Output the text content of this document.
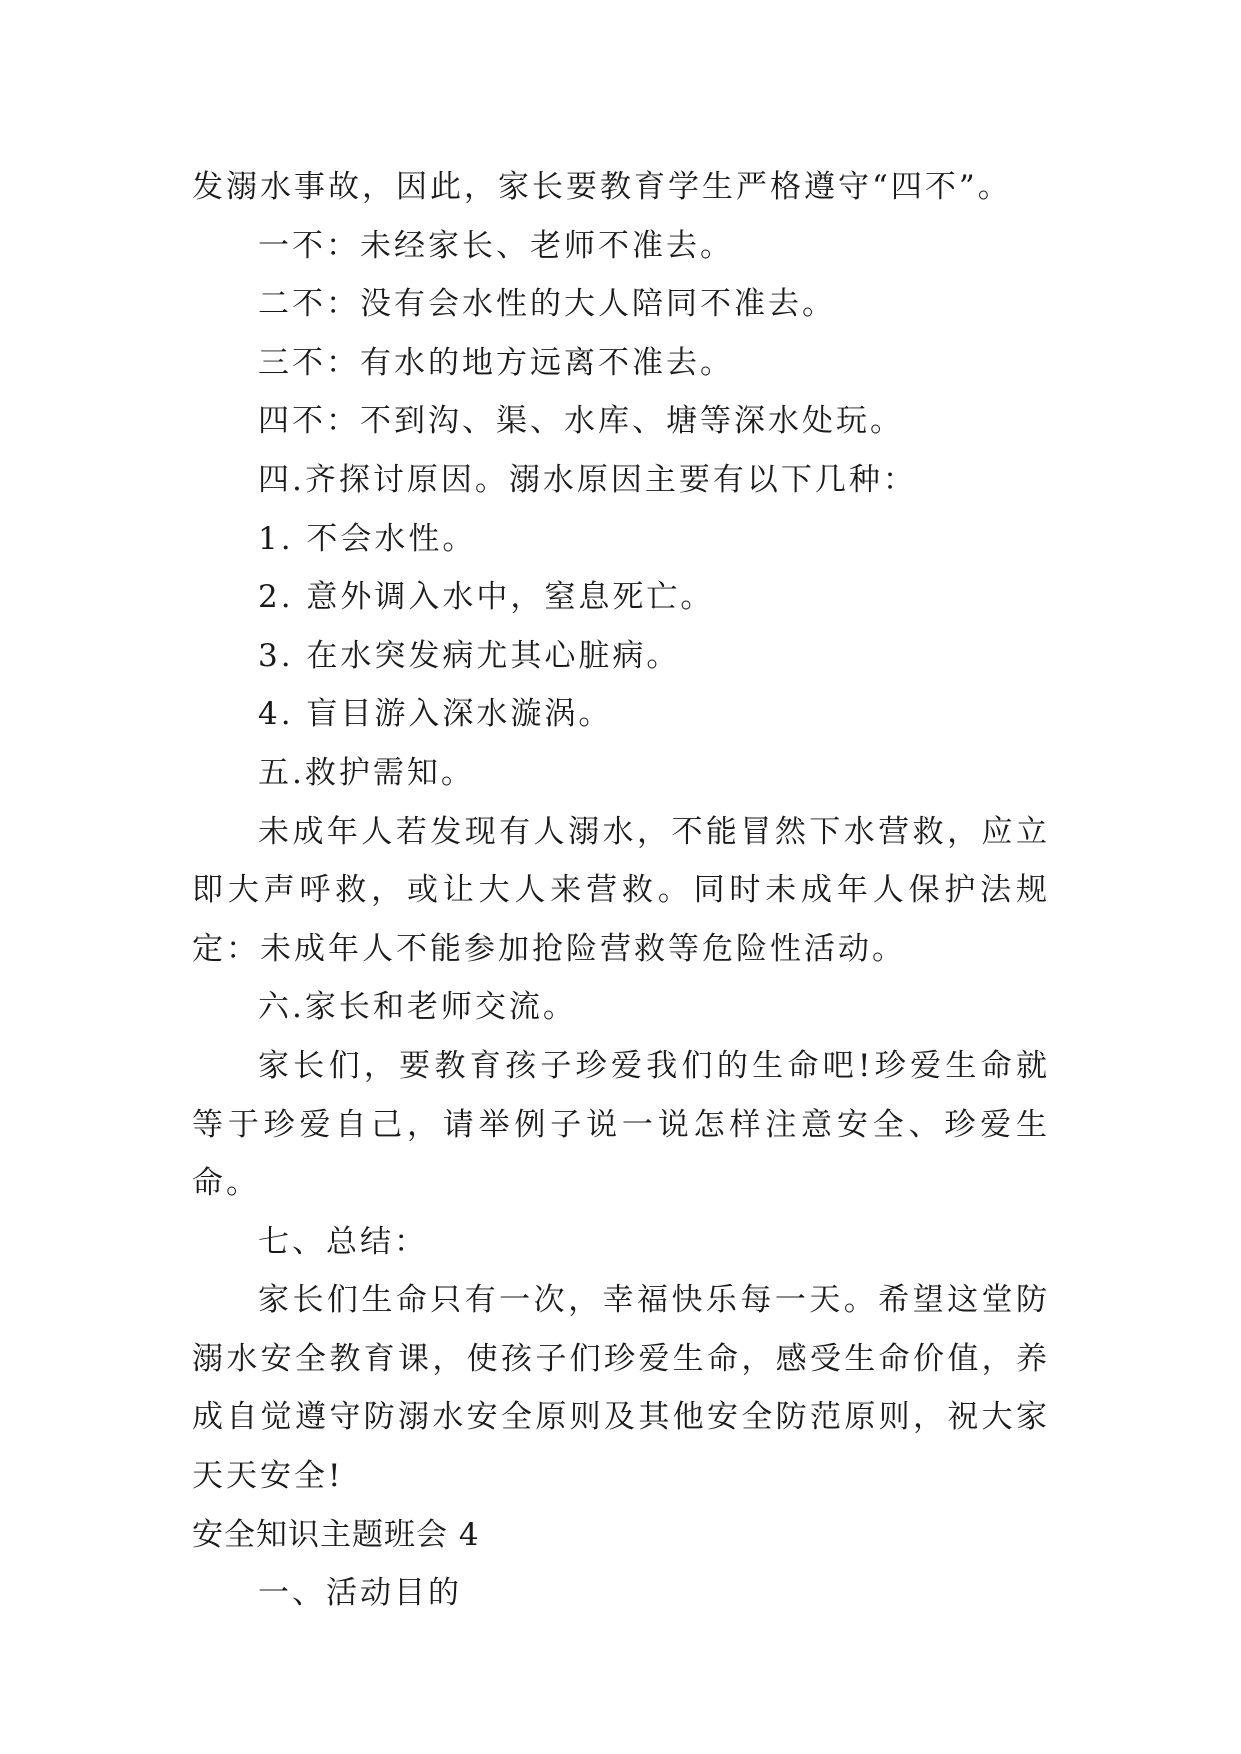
发溺水事故，因此，家长要教育学生严格遵守“四不”。

一不：未经家长、老师不准去。

二不：没有会水性的大人陪同不准去。

三不：有水的地方远离不准去。

四不：不到沟、渠、水库、塘等深水处玩。

四.齐探讨原因。溺水原因主要有以下几种：

1. 不会水性。

2. 意外调入水中，窒息死亡。

3. 在水突发病尤其心脏病。

4. 盲目游入深水漩涡。

五.救护需知。

未成年人若发现有人溺水，不能冒然下水营救，应立即大声呼救，或让大人来营救。同时未成年人保护法规定：未成年人不能参加抢险营救等危险性活动。

六.家长和老师交流。

家长们，要教育孩子珍爱我们的生命吧!珍爱生命就等于珍爱自己，请举例子说一说怎样注意安全、珍爱生命。

七、总结：

家长们生命只有一次，幸福快乐每一天。希望这堂防溺水安全教育课，使孩子们珍爱生命，感受生命价值，养成自觉遵守防溺水安全原则及其他安全防范原则，祝大家天天安全!

安全知识主题班会 4

一、活动目的
